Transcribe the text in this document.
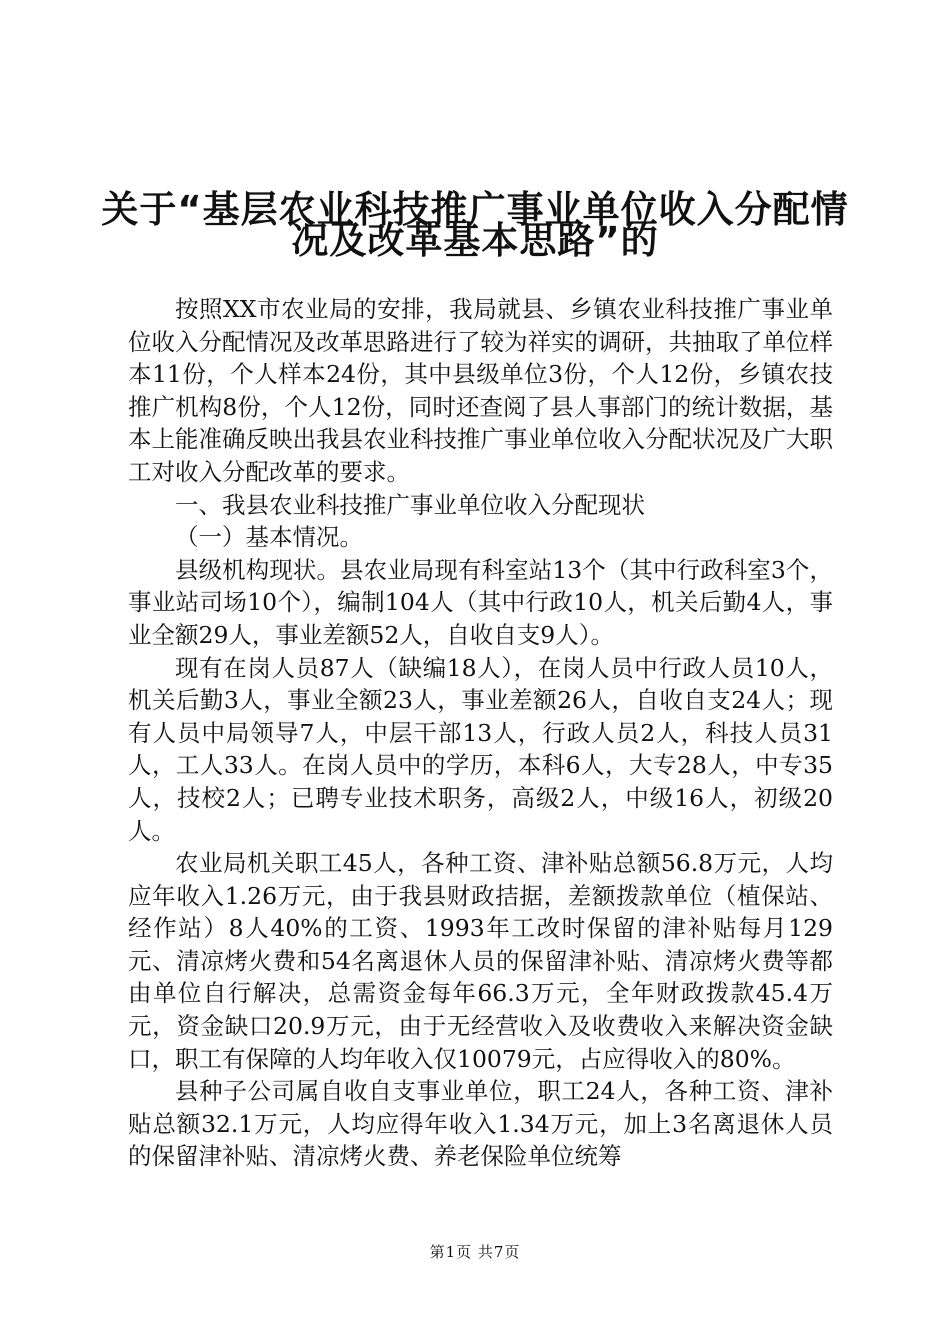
关于“基层农业科技推广事业单位收入分配情
况及改革基本思路”的

按照XX市农业局的安排，我局就县、乡镇农业科技推广事业单位收入分配情况及改革思路进行了较为祥实的调研，共抽取了单位样本11份，个人样本24份，其中县级单位3份，个人12份，乡镇农技推广机构8份，个人12份，同时还查阅了县人事部门的统计数据，基本上能准确反映出我县农业科技推广事业单位收入分配状况及广大职工对收入分配改革的要求。

一、我县农业科技推广事业单位收入分配现状

（一）基本情况。

县级机构现状。县农业局现有科室站13个（其中行政科室3个，事业站司场10个），编制104人（其中行政10人，机关后勤4人，事业全额29人，事业差额52人，自收自支9人）。

现有在岗人员87人（缺编18人），在岗人员中行政人员10人，机关后勤3人，事业全额23人，事业差额26人，自收自支24人；现有人员中局领导7人，中层干部13人，行政人员2人，科技人员31人，工人33人。在岗人员中的学历，本科6人，大专28人，中专35人，技校2人；已聘专业技术职务，高级2人，中级16人，初级20人。

农业局机关职工45人，各种工资、津补贴总额56.8万元，人均应年收入1.26万元，由于我县财政拮据，差额拨款单位（植保站、经作站）8人40%的工资、1993年工改时保留的津补贴每月129元、清凉烤火费和54名离退休人员的保留津补贴、清凉烤火费等都由单位自行解决，总需资金每年66.3万元，全年财政拨款45.4万元，资金缺口20.9万元，由于无经营收入及收费收入来解决资金缺口，职工有保障的人均年收入仅10079元，占应得收入的80%。

县种子公司属自收自支事业单位，职工24人，各种工资、津补贴总额32.1万元，人均应得年收入1.34万元，加上3名离退休人员的保留津补贴、清凉烤火费、养老保险单位统筹

第1页 共7页
